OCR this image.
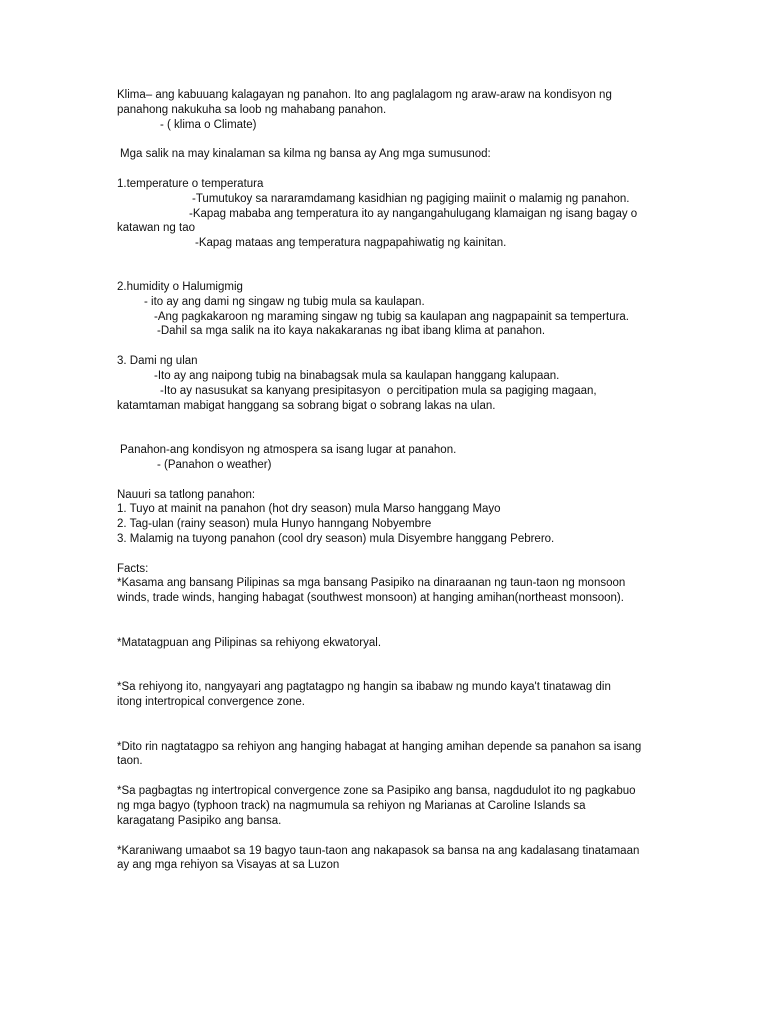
Klima– ang kabuuang kalagayan ng panahon. Ito ang paglalagom ng araw-araw na kondisyon ng

panahong nakukuha sa loob ng mahabang panahon.

- ( klima o Climate)

Mga salik na may kinalaman sa kilma ng bansa ay Ang mga sumusunod:

1.temperature o temperatura

-Tumutukoy sa nararamdamang kasidhian ng pagiging maiinit o malamig ng panahon.

-Kapag mababa ang temperatura ito ay nangangahulugang klamaigan ng isang bagay o

katawan ng tao

-Kapag mataas ang temperatura nagpapahiwatig ng kainitan.

2.humidity o Halumigmig

- ito ay ang dami ng singaw ng tubig mula sa kaulapan.

-Ang pagkakaroon ng maraming singaw ng tubig sa kaulapan ang nagpapainit sa tempertura.

-Dahil sa mga salik na ito kaya nakakaranas ng ibat ibang klima at panahon.

3. Dami ng ulan

-Ito ay ang naipong tubig na binabagsak mula sa kaulapan hanggang kalupaan.

-Ito ay nasusukat sa kanyang presipitasyon  o percitipation mula sa pagiging magaan,

katamtaman mabigat hanggang sa sobrang bigat o sobrang lakas na ulan.

Panahon-ang kondisyon ng atmospera sa isang lugar at panahon.

- (Panahon o weather)

Nauuri sa tatlong panahon:

1. Tuyo at mainit na panahon (hot dry season) mula Marso hanggang Mayo

2. Tag-ulan (rainy season) mula Hunyo hanngang Nobyembre

3. Malamig na tuyong panahon (cool dry season) mula Disyembre hanggang Pebrero.

Facts:

*Kasama ang bansang Pilipinas sa mga bansang Pasipiko na dinaraanan ng taun-taon ng monsoon

winds, trade winds, hanging habagat (southwest monsoon) at hanging amihan(northeast monsoon).

*Matatagpuan ang Pilipinas sa rehiyong ekwatoryal.

*Sa rehiyong ito, nangyayari ang pagtatagpo ng hangin sa ibabaw ng mundo kaya't tinatawag din

itong intertropical convergence zone.

*Dito rin nagtatagpo sa rehiyon ang hanging habagat at hanging amihan depende sa panahon sa isang

taon.

*Sa pagbagtas ng intertropical convergence zone sa Pasipiko ang bansa, nagdudulot ito ng pagkabuo

ng mga bagyo (typhoon track) na nagmumula sa rehiyon ng Marianas at Caroline Islands sa

karagatang Pasipiko ang bansa.

*Karaniwang umaabot sa 19 bagyo taun-taon ang nakapasok sa bansa na ang kadalasang tinatamaan

ay ang mga rehiyon sa Visayas at sa Luzon
